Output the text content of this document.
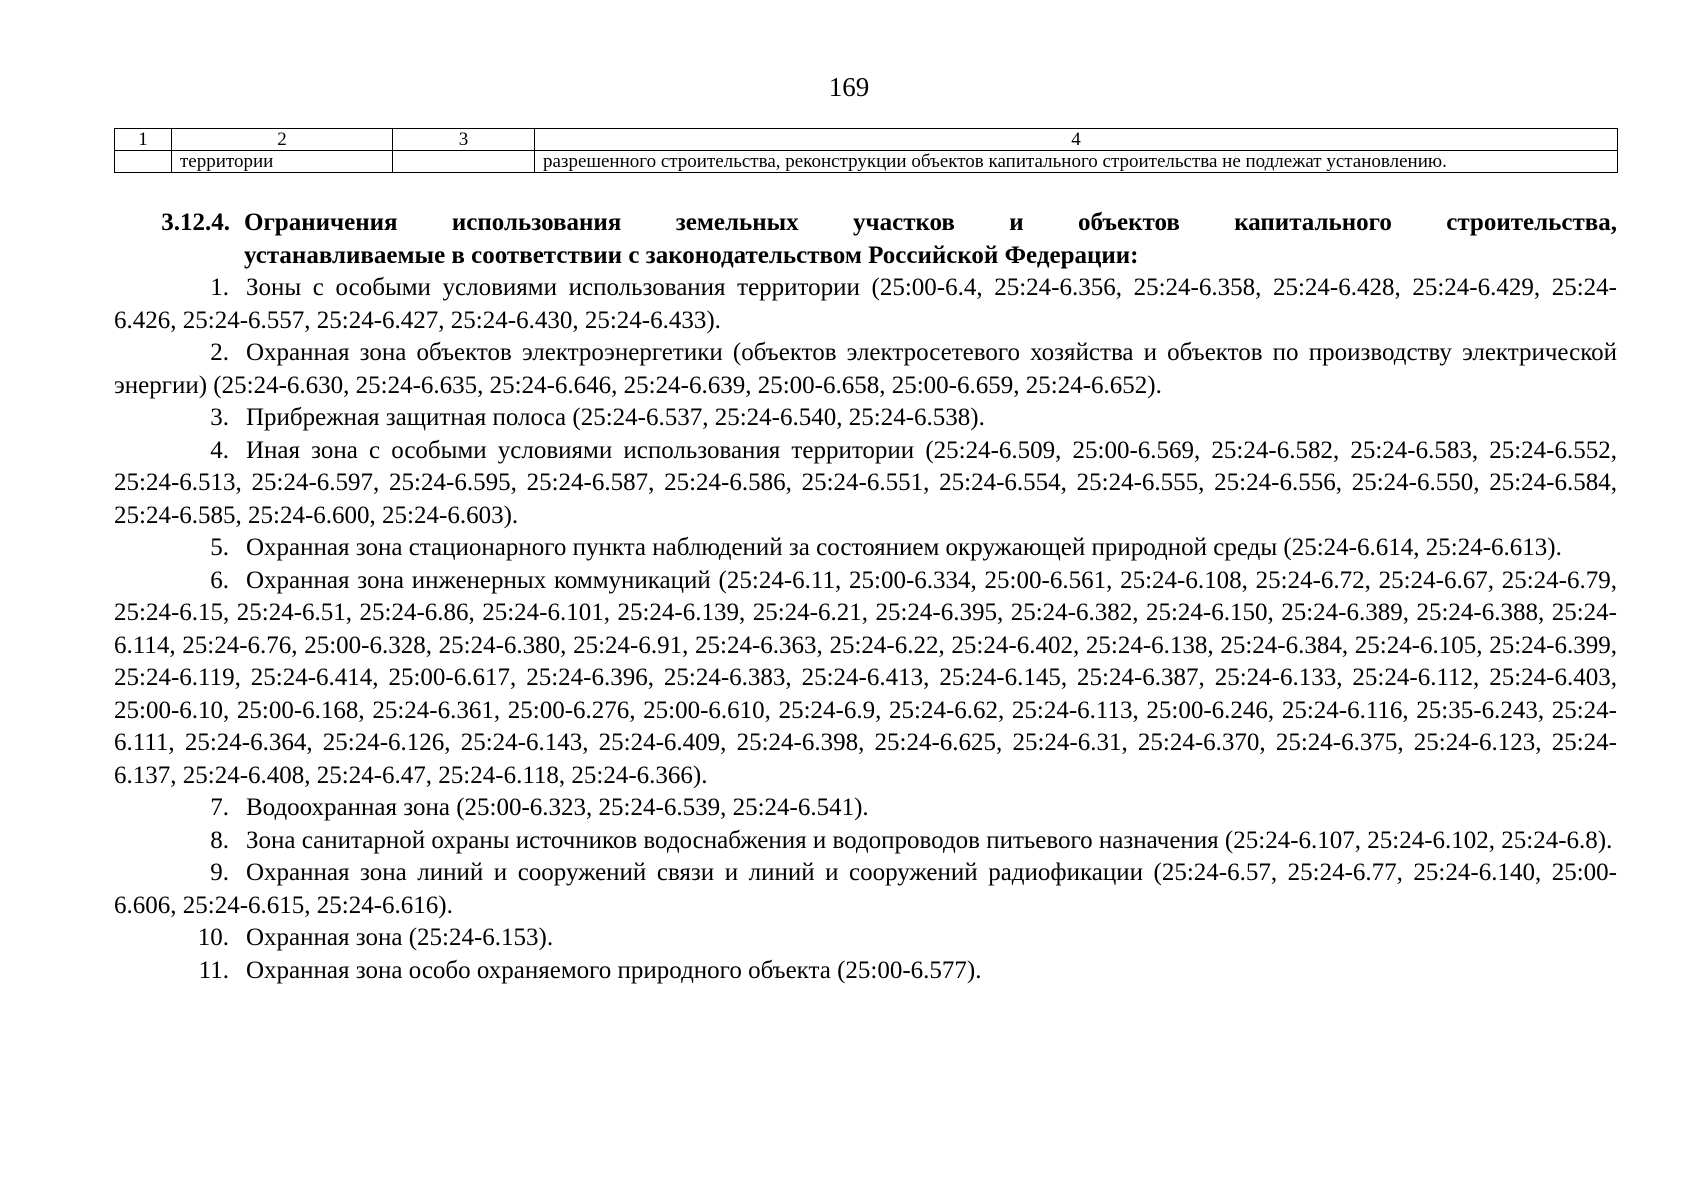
169
1	2	3	4
	территории		разрешенного строительства, реконструкции объектов капитального строительства не подлежат установлению.
3.12.4. Ограничения использования земельных участков и объектов капитального строительства,
устанавливаемые в соответствии с законодательством Российской Федерации:

1. Зоны с особыми условиями использования территории (25:00-6.4, 25:24-6.356, 25:24-6.358, 25:24-6.428, 25:24-6.429, 25:24-6.426, 25:24-6.557, 25:24-6.427, 25:24-6.430, 25:24-6.433).

2. Охранная зона объектов электроэнергетики (объектов электросетевого хозяйства и объектов по производству электрической энергии) (25:24-6.630, 25:24-6.635, 25:24-6.646, 25:24-6.639, 25:00-6.658, 25:00-6.659, 25:24-6.652).

3. Прибрежная защитная полоса (25:24-6.537, 25:24-6.540, 25:24-6.538).

4. Иная зона с особыми условиями использования территории (25:24-6.509, 25:00-6.569, 25:24-6.582, 25:24-6.583, 25:24-6.552, 25:24-6.513, 25:24-6.597, 25:24-6.595, 25:24-6.587, 25:24-6.586, 25:24-6.551, 25:24-6.554, 25:24-6.555, 25:24-6.556, 25:24-6.550, 25:24-6.584, 25:24-6.585, 25:24-6.600, 25:24-6.603).

5. Охранная зона стационарного пункта наблюдений за состоянием окружающей природной среды (25:24-6.614, 25:24-6.613).

6. Охранная зона инженерных коммуникаций (25:24-6.11, 25:00-6.334, 25:00-6.561, 25:24-6.108, 25:24-6.72, 25:24-6.67, 25:24-6.79, 25:24-6.15, 25:24-6.51, 25:24-6.86, 25:24-6.101, 25:24-6.139, 25:24-6.21, 25:24-6.395, 25:24-6.382, 25:24-6.150, 25:24-6.389, 25:24-6.388, 25:24-6.114, 25:24-6.76, 25:00-6.328, 25:24-6.380, 25:24-6.91, 25:24-6.363, 25:24-6.22, 25:24-6.402, 25:24-6.138, 25:24-6.384, 25:24-6.105, 25:24-6.399, 25:24-6.119, 25:24-6.414, 25:00-6.617, 25:24-6.396, 25:24-6.383, 25:24-6.413, 25:24-6.145, 25:24-6.387, 25:24-6.133, 25:24-6.112, 25:24-6.403, 25:00-6.10, 25:00-6.168, 25:24-6.361, 25:00-6.276, 25:00-6.610, 25:24-6.9, 25:24-6.62, 25:24-6.113, 25:00-6.246, 25:24-6.116, 25:35-6.243, 25:24-6.111, 25:24-6.364, 25:24-6.126, 25:24-6.143, 25:24-6.409, 25:24-6.398, 25:24-6.625, 25:24-6.31, 25:24-6.370, 25:24-6.375, 25:24-6.123, 25:24-6.137, 25:24-6.408, 25:24-6.47, 25:24-6.118, 25:24-6.366).

7. Водоохранная зона (25:00-6.323, 25:24-6.539, 25:24-6.541).

8. Зона санитарной охраны источников водоснабжения и водопроводов питьевого назначения (25:24-6.107, 25:24-6.102, 25:24-6.8).

9. Охранная зона линий и сооружений связи и линий и сооружений радиофикации (25:24-6.57, 25:24-6.77, 25:24-6.140, 25:00-6.606, 25:24-6.615, 25:24-6.616).

10. Охранная зона (25:24-6.153).

11. Охранная зона особо охраняемого природного объекта (25:00-6.577).
